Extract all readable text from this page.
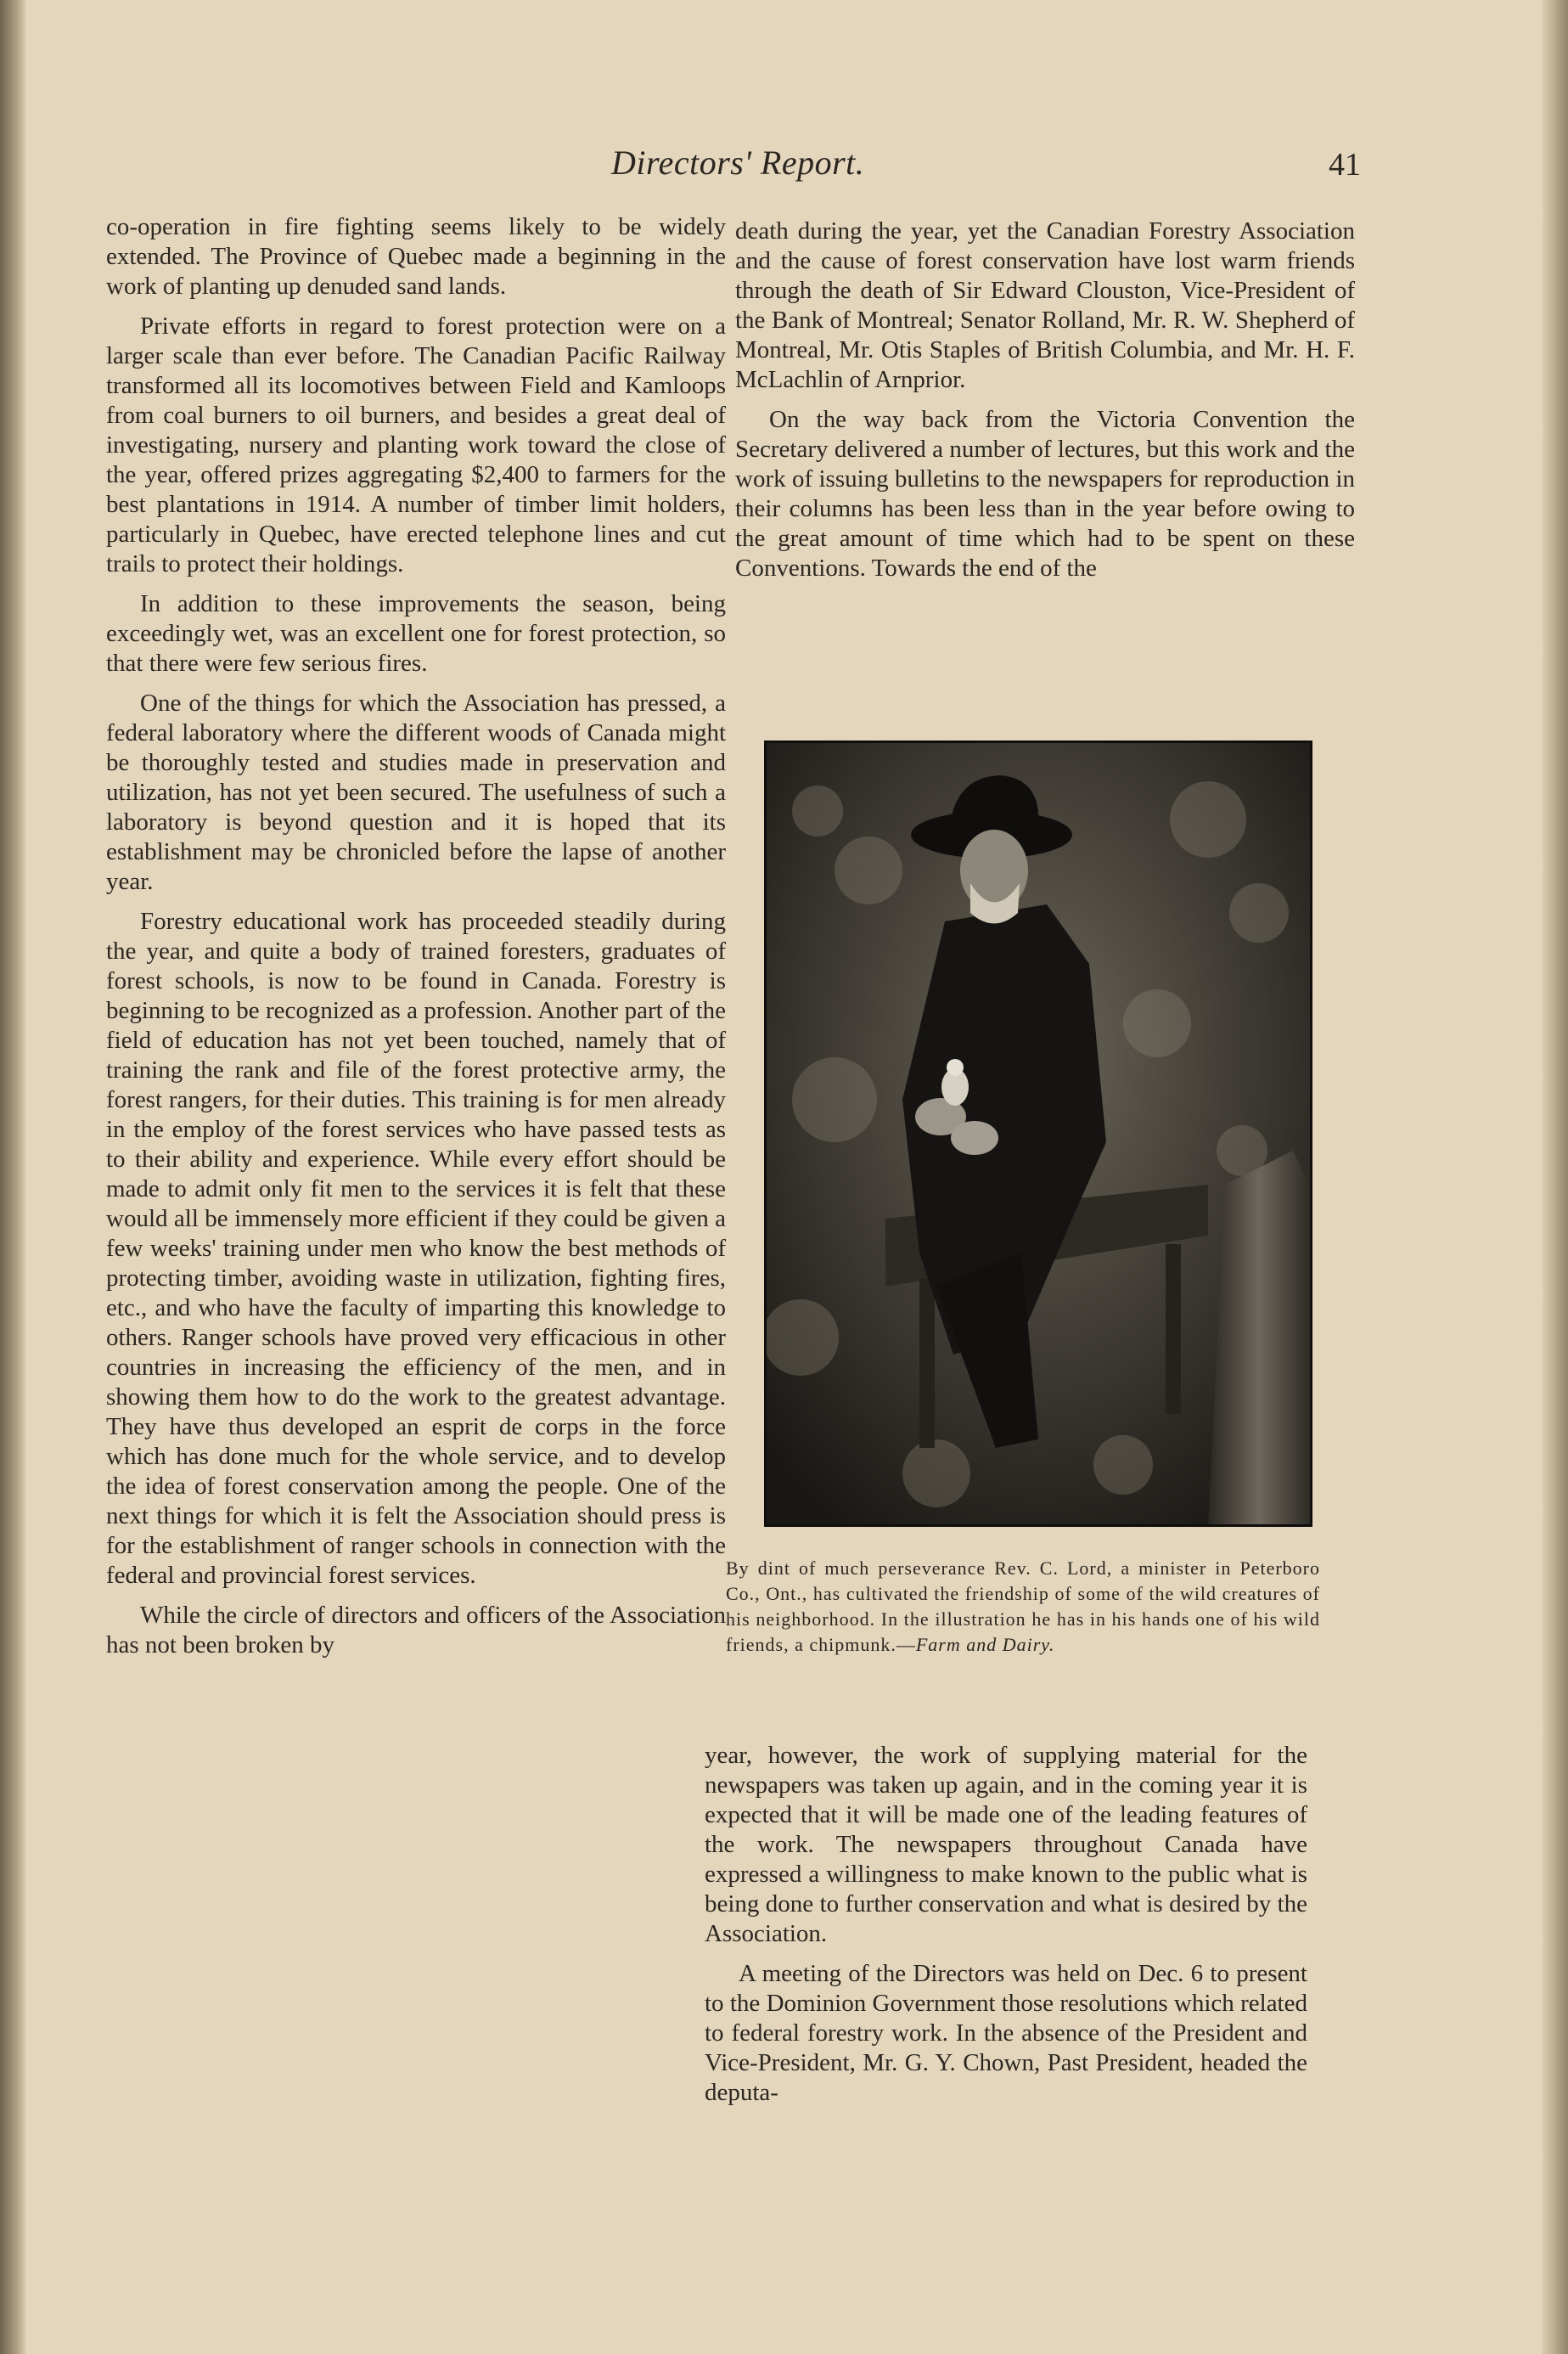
Directors' Report.	41

co-operation in fire fighting seems likely to be widely extended. The Province of Quebec made a beginning in the work of planting up denuded sand lands.

Private efforts in regard to forest protection were on a larger scale than ever before. The Canadian Pacific Railway transformed all its locomotives between Field and Kamloops from coal burners to oil burners, and besides a great deal of investigating, nursery and planting work toward the close of the year, offered prizes aggregating $2,400 to farmers for the best plantations in 1914. A number of timber limit holders, particularly in Quebec, have erected telephone lines and cut trails to protect their holdings.

In addition to these improvements the season, being exceedingly wet, was an excellent one for forest protection, so that there were few serious fires.

One of the things for which the Association has pressed, a federal laboratory where the different woods of Canada might be thoroughly tested and studies made in preservation and utilization, has not yet been secured. The usefulness of such a laboratory is beyond question and it is hoped that its establishment may be chronicled before the lapse of another year.

Forestry educational work has proceeded steadily during the year, and quite a body of trained foresters, graduates of forest schools, is now to be found in Canada. Forestry is beginning to be recognized as a profession. Another part of the field of education has not yet been touched, namely that of training the rank and file of the forest protective army, the forest rangers, for their duties. This training is for men already in the employ of the forest services who have passed tests as to their ability and experience. While every effort should be made to admit only fit men to the services it is felt that these would all be immensely more efficient if they could be given a few weeks' training under men who know the best methods of protecting timber, avoiding waste in utilization, fighting fires, etc., and who have the faculty of imparting this knowledge to others. Ranger schools have proved very efficacious in other countries in increasing the efficiency of the men, and in showing them how to do the work to the greatest advantage. They have thus developed an esprit de corps in the force which has done much for the whole service, and to develop the idea of forest conservation among the people. One of the next things for which it is felt the Association should press is for the establishment of ranger schools in connection with the federal and provincial forest services.

While the circle of directors and officers of the Association has not been broken by

death during the year, yet the Canadian Forestry Association and the cause of forest conservation have lost warm friends through the death of Sir Edward Clouston, Vice-President of the Bank of Montreal; Senator Rolland, Mr. R. W. Shepherd of Montreal, Mr. Otis Staples of British Columbia, and Mr. H. F. McLachlin of Arnprior.

On the way back from the Victoria Convention the Secretary delivered a number of lectures, but this work and the work of issuing bulletins to the newspapers for reproduction in their columns has been less than in the year before owing to the great amount of time which had to be spent on these Conventions. Towards the end of the

By dint of much perseverance Rev. C. Lord, a minister in Peterboro Co., Ont., has cultivated the friendship of some of the wild creatures of his neighborhood. In the illustration he has in his hands one of his wild friends, a chipmunk.—Farm and Dairy.

year, however, the work of supplying material for the newspapers was taken up again, and in the coming year it is expected that it will be made one of the leading features of the work. The newspapers throughout Canada have expressed a willingness to make known to the public what is being done to further conservation and what is desired by the Association.

A meeting of the Directors was held on Dec. 6 to present to the Dominion Government those resolutions which related to federal forestry work. In the absence of the President and Vice-President, Mr. G. Y. Chown, Past President, headed the deputa-
